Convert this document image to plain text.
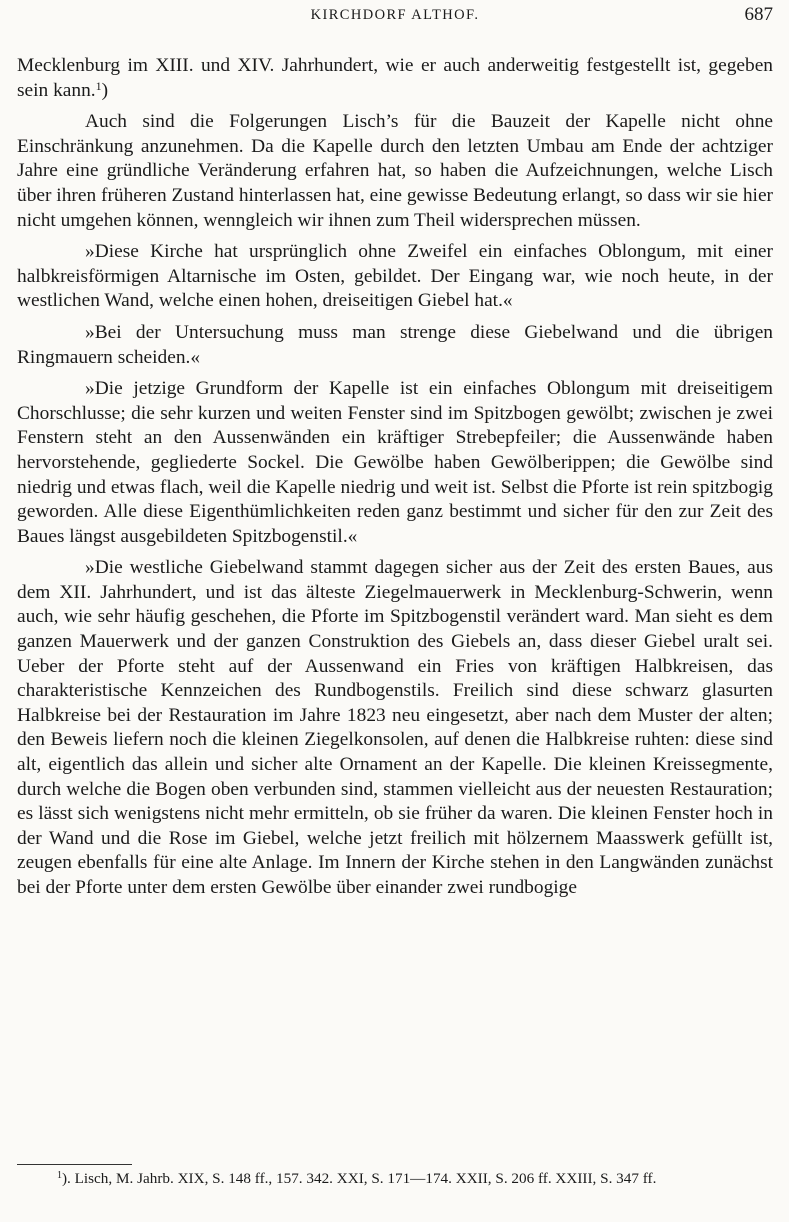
KIRCHDORF ALTHOF.	687

Mecklenburg im XIII. und XIV. Jahrhundert, wie er auch anderweitig festgestellt ist, gegeben sein kann.$^1$)

Auch sind die Folgerungen Lisch’s für die Bauzeit der Kapelle nicht ohne Einschränkung anzunehmen. Da die Kapelle durch den letzten Umbau am Ende der achtziger Jahre eine gründliche Veränderung erfahren hat, so haben die Aufzeichnungen, welche Lisch über ihren früheren Zustand hinterlassen hat, eine gewisse Bedeutung erlangt, so dass wir sie hier nicht umgehen können, wenngleich wir ihnen zum Theil widersprechen müssen.

»Diese Kirche hat ursprünglich ohne Zweifel ein einfaches Oblongum, mit einer halbkreisförmigen Altarnische im Osten, gebildet. Der Eingang war, wie noch heute, in der westlichen Wand, welche einen hohen, dreiseitigen Giebel hat.«

»Bei der Untersuchung muss man strenge diese Giebelwand und die übrigen Ringmauern scheiden.«

»Die jetzige Grundform der Kapelle ist ein einfaches Oblongum mit dreiseitigem Chorschlusse; die sehr kurzen und weiten Fenster sind im Spitzbogen gewölbt; zwischen je zwei Fenstern steht an den Aussenwänden ein kräftiger Strebepfeiler; die Aussenwände haben hervorstehende, gegliederte Sockel. Die Gewölbe haben Gewölberippen; die Gewölbe sind niedrig und etwas flach, weil die Kapelle niedrig und weit ist. Selbst die Pforte ist rein spitzbogig geworden. Alle diese Eigenthümlichkeiten reden ganz bestimmt und sicher für den zur Zeit des Baues längst ausgebildeten Spitzbogenstil.«

»Die westliche Giebelwand stammt dagegen sicher aus der Zeit des ersten Baues, aus dem XII. Jahrhundert, und ist das älteste Ziegelmauerwerk in Mecklenburg-Schwerin, wenn auch, wie sehr häufig geschehen, die Pforte im Spitzbogenstil verändert ward. Man sieht es dem ganzen Mauerwerk und der ganzen Construktion des Giebels an, dass dieser Giebel uralt sei. Ueber der Pforte steht auf der Aussenwand ein Fries von kräftigen Halbkreisen, das charakteristische Kennzeichen des Rundbogenstils. Freilich sind diese schwarz glasurten Halbkreise bei der Restauration im Jahre 1823 neu eingesetzt, aber nach dem Muster der alten; den Beweis liefern noch die kleinen Ziegelkonsolen, auf denen die Halbkreise ruhten: diese sind alt, eigentlich das allein und sicher alte Ornament an der Kapelle. Die kleinen Kreissegmente, durch welche die Bogen oben verbunden sind, stammen vielleicht aus der neuesten Restauration; es lässt sich wenigstens nicht mehr ermitteln, ob sie früher da waren. Die kleinen Fenster hoch in der Wand und die Rose im Giebel, welche jetzt freilich mit hölzernem Maasswerk gefüllt ist, zeugen ebenfalls für eine alte Anlage. Im Innern der Kirche stehen in den Langwänden zunächst bei der Pforte unter dem ersten Gewölbe über einander zwei rundbogige

$^1$). Lisch, M. Jahrb. XIX, S. 148 ff., 157. 342. XXI, S. 171—174. XXII, S. 206 ff. XXIII, S. 347 ff.
